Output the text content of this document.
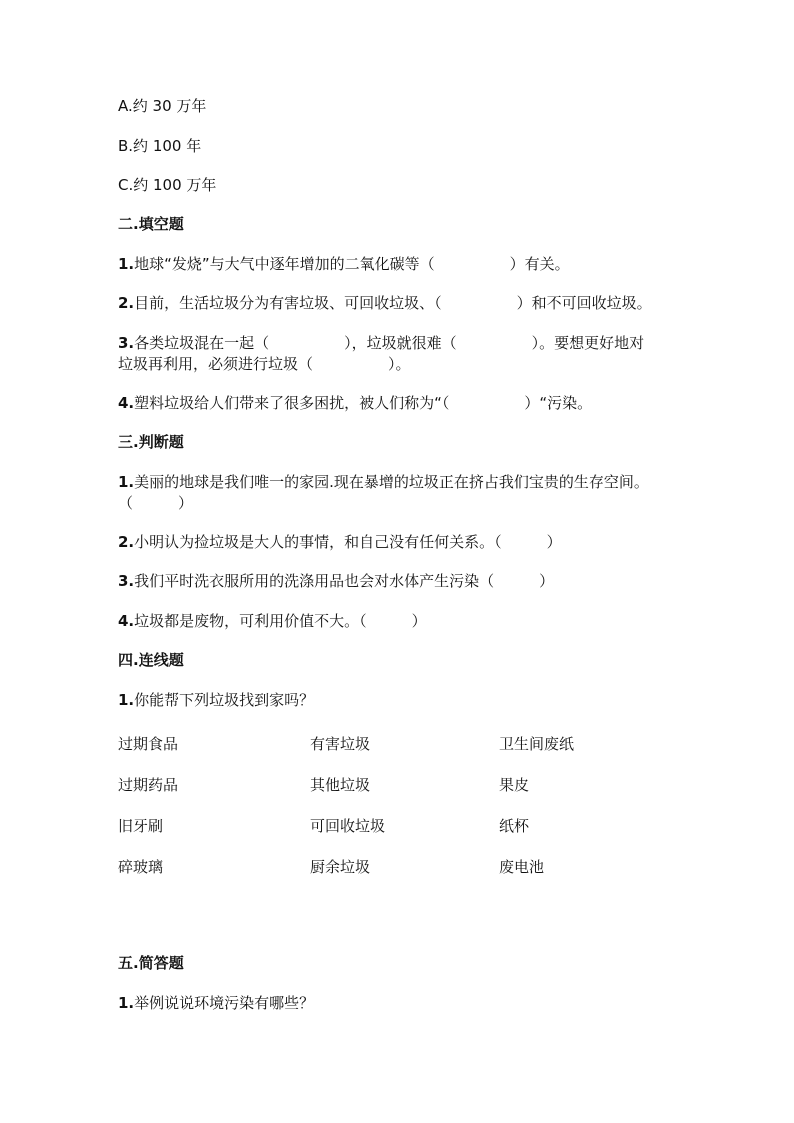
A.约 30 万年
B.约 100 年
C.约 100 万年
二.填空题
1.地球“发烧”与大气中逐年增加的二氧化碳等（　　　　　）有关。
2.目前，生活垃圾分为有害垃圾、可回收垃圾、（　　　　　）和不可回收垃圾。
3.各类垃圾混在一起（　　　　　），垃圾就很难（　　　　　）。要想更好地对
垃圾再利用，必须进行垃圾（　　　　　）。
4.塑料垃圾给人们带来了很多困扰，被人们称为“（　　　　　）“污染。
三.判断题
1.美丽的地球是我们唯一的家园.现在暴增的垃圾正在挤占我们宝贵的生存空间。
（　　　）
2.小明认为捡垃圾是大人的事情，和自己没有任何关系。（　　　）
3.我们平时洗衣服所用的洗涤用品也会对水体产生污染（　　　）
4.垃圾都是废物，可利用价值不大。（　　　）
四.连线题
1.你能帮下列垃圾找到家吗？
过期食品	有害垃圾	卫生间废纸
过期药品	其他垃圾	果皮
旧牙刷	可回收垃圾	纸杯
碎玻璃	厨余垃圾	废电池
五.简答题
1.举例说说环境污染有哪些？
